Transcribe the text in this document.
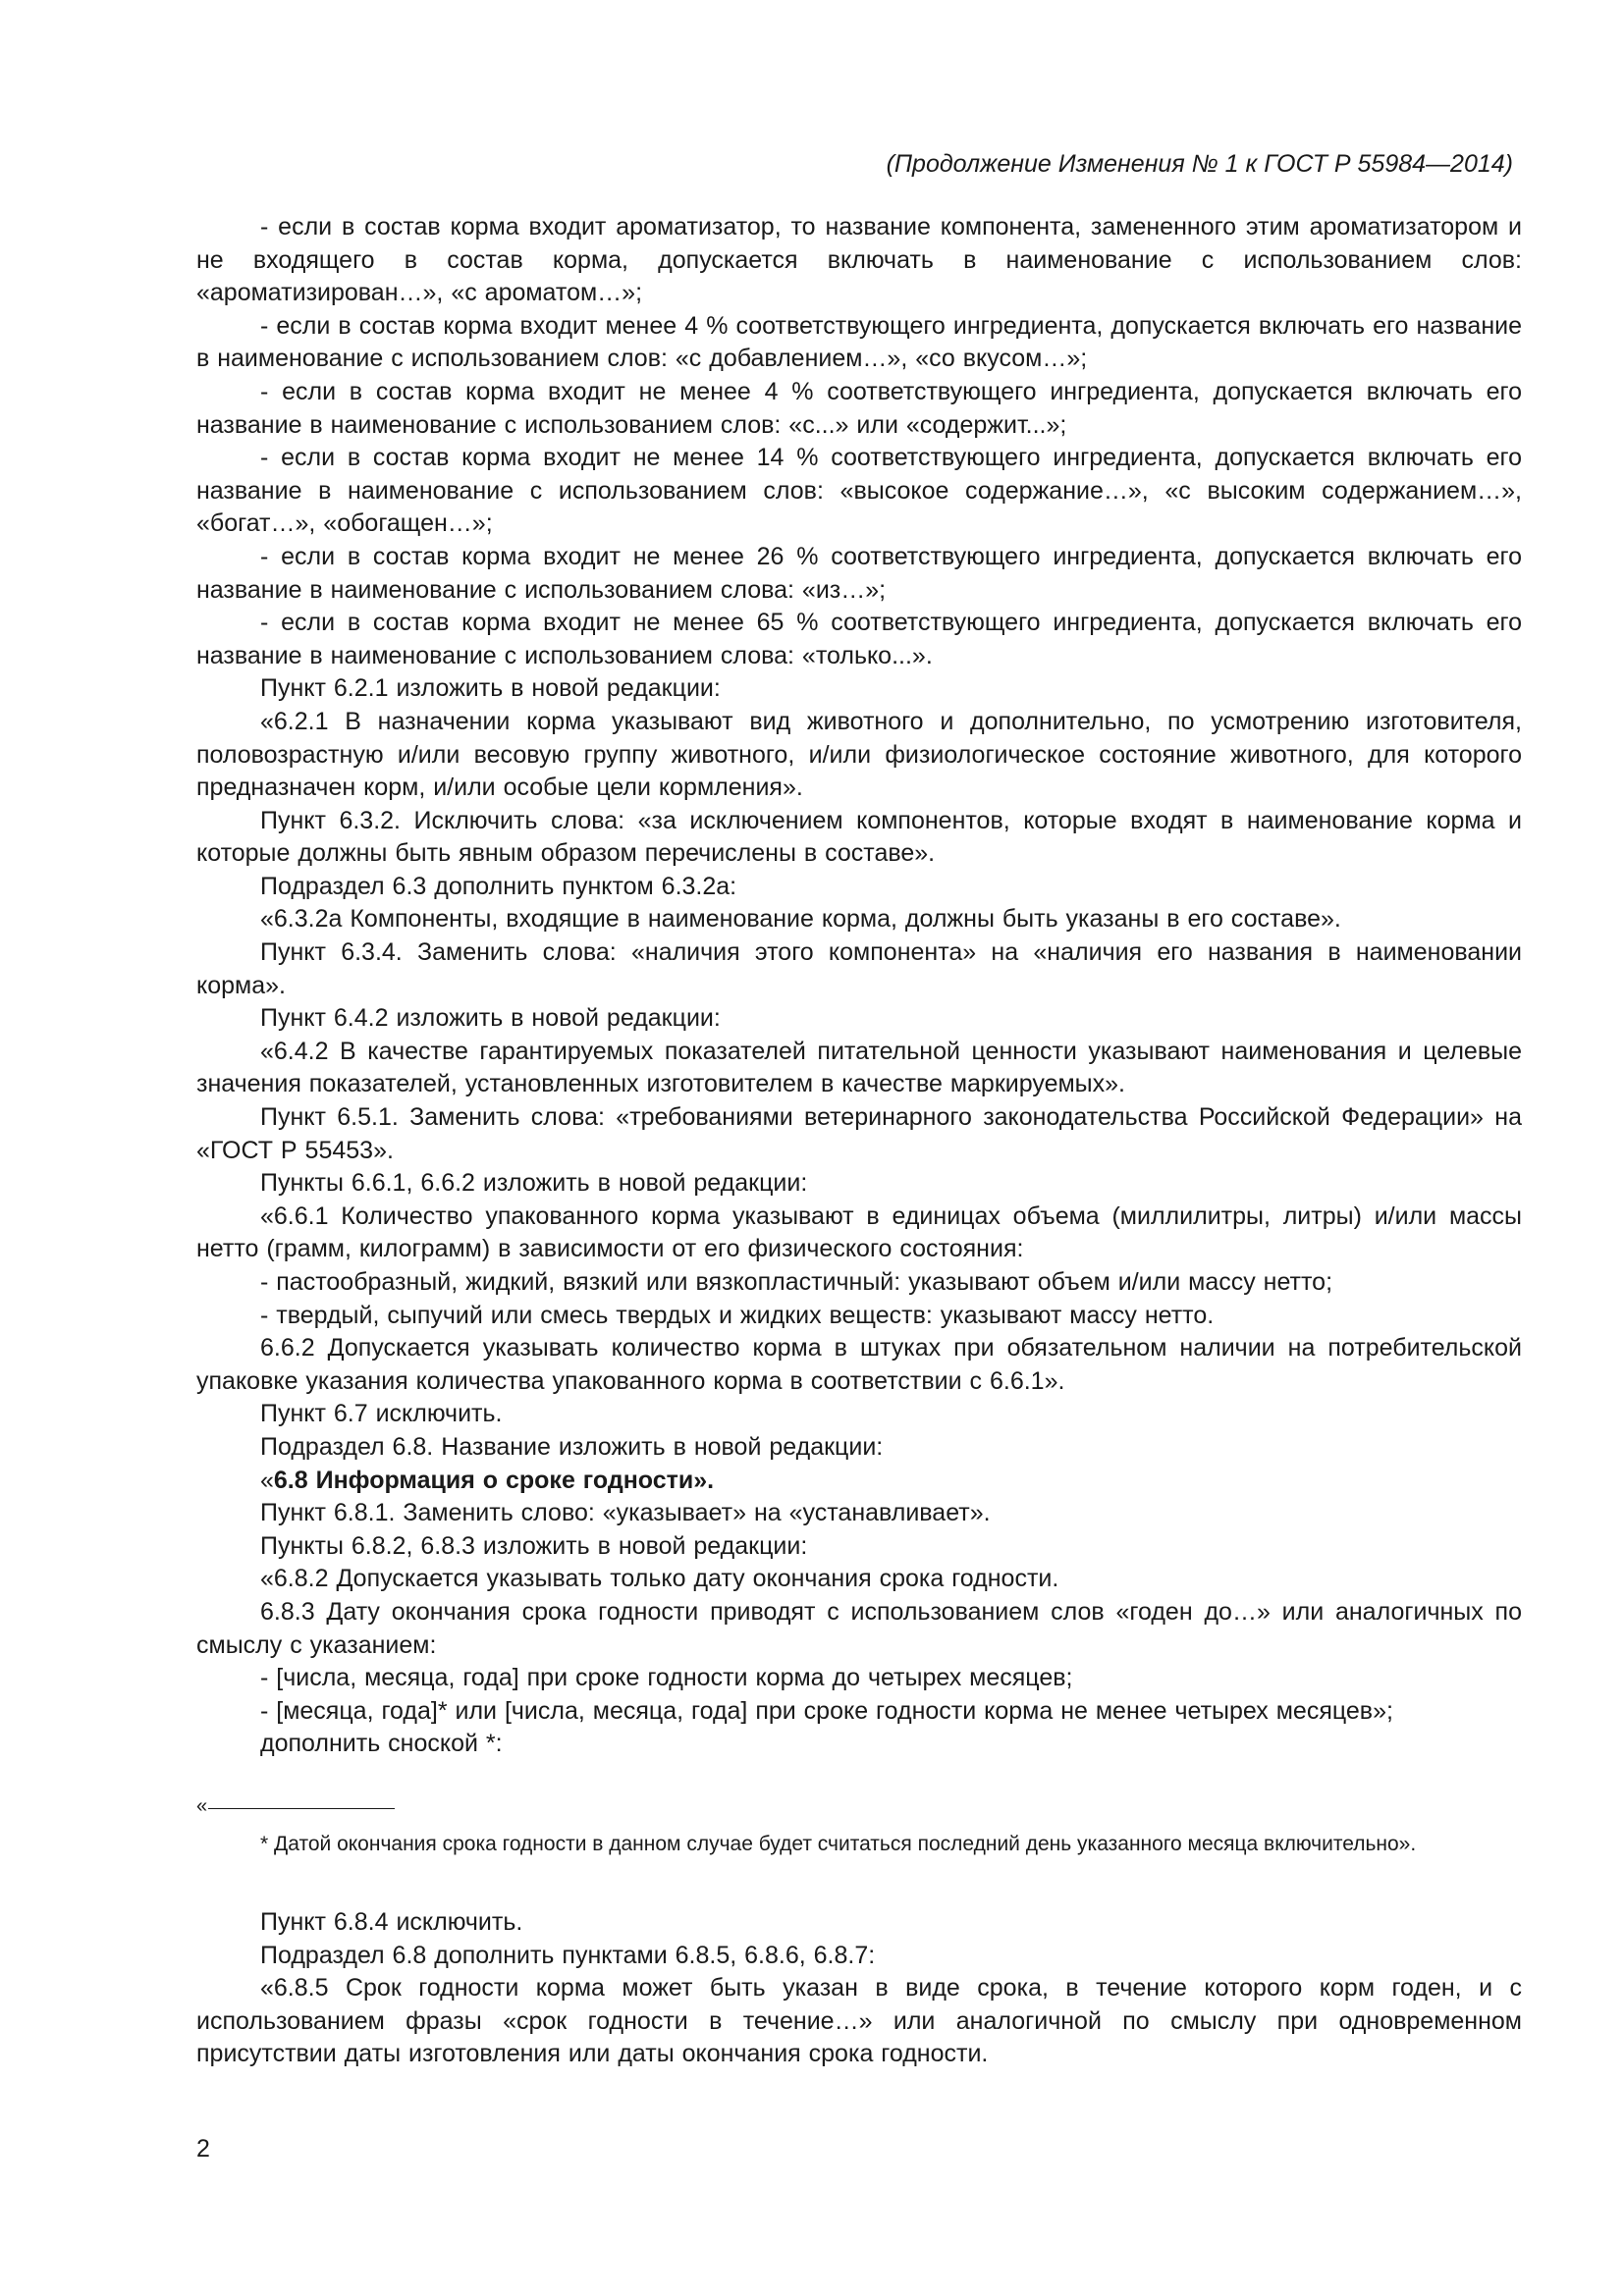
(Продолжение Изменения № 1 к ГОСТ Р 55984—2014)

- если в состав корма входит ароматизатор, то название компонента, замененного этим ароматизатором и не входящего в состав корма, допускается включать в наименование с использованием слов: «ароматизирован…», «с ароматом…»;

- если в состав корма входит менее 4 % соответствующего ингредиента, допускается включать его название в наименование с использованием слов: «с добавлением…», «со вкусом…»;

- если в состав корма входит не менее 4 % соответствующего ингредиента, допускается включать его название в наименование с использованием слов: «с...» или «содержит...»;

- если в состав корма входит не менее 14 % соответствующего ингредиента, допускается включать его название в наименование с использованием слов: «высокое содержание…», «с высоким содержанием…», «богат…», «обогащен…»;

- если в состав корма входит не менее 26 % соответствующего ингредиента, допускается включать его название в наименование с использованием слова: «из…»;

- если в состав корма входит не менее 65 % соответствующего ингредиента, допускается включать его название в наименование с использованием слова: «только...».

Пункт 6.2.1 изложить в новой редакции:

«6.2.1 В назначении корма указывают вид животного и дополнительно, по усмотрению изготовителя, половозрастную и/или весовую группу животного, и/или физиологическое состояние животного, для которого предназначен корм, и/или особые цели кормления».

Пункт 6.3.2. Исключить слова: «за исключением компонентов, которые входят в наименование корма и которые должны быть явным образом перечислены в составе».

Подраздел 6.3 дополнить пунктом 6.3.2а:

«6.3.2а Компоненты, входящие в наименование корма, должны быть указаны в его составе».

Пункт 6.3.4. Заменить слова: «наличия этого компонента» на «наличия его названия в наименовании корма».

Пункт 6.4.2 изложить в новой редакции:

«6.4.2 В качестве гарантируемых показателей питательной ценности указывают наименования и целевые значения показателей, установленных изготовителем в качестве маркируемых».

Пункт 6.5.1. Заменить слова: «требованиями ветеринарного законодательства Российской Федерации» на «ГОСТ Р 55453».

Пункты 6.6.1, 6.6.2 изложить в новой редакции:

«6.6.1 Количество упакованного корма указывают в единицах объема (миллилитры, литры) и/или массы нетто (грамм, килограмм) в зависимости от его физического состояния:

- пастообразный, жидкий, вязкий или вязкопластичный: указывают объем и/или массу нетто;

- твердый, сыпучий или смесь твердых и жидких веществ: указывают массу нетто.

6.6.2 Допускается указывать количество корма в штуках при обязательном наличии на потребительской упаковке указания количества упакованного корма в соответствии с 6.6.1».

Пункт 6.7 исключить.

Подраздел 6.8. Название изложить в новой редакции:

«6.8 Информация о сроке годности».

Пункт 6.8.1. Заменить слово: «указывает» на «устанавливает».

Пункты 6.8.2, 6.8.3 изложить в новой редакции:

«6.8.2 Допускается указывать только дату окончания срока годности.

6.8.3 Дату окончания срока годности приводят с использованием слов «годен до…» или аналогичных по смыслу с указанием:

- [числа, месяца, года] при сроке годности корма до четырех месяцев;

- [месяца, года]* или [числа, месяца, года] при сроке годности корма не менее четырех месяцев»;

дополнить сноской *:

«

* Датой окончания срока годности в данном случае будет считаться последний день указанного месяца включительно».

Пункт 6.8.4 исключить.

Подраздел 6.8 дополнить пунктами 6.8.5, 6.8.6, 6.8.7:

«6.8.5 Срок годности корма может быть указан в виде срока, в течение которого корм годен, и с использованием фразы «срок годности в течение…» или аналогичной по смыслу при одновременном присутствии даты изготовления или даты окончания срока годности.

2
